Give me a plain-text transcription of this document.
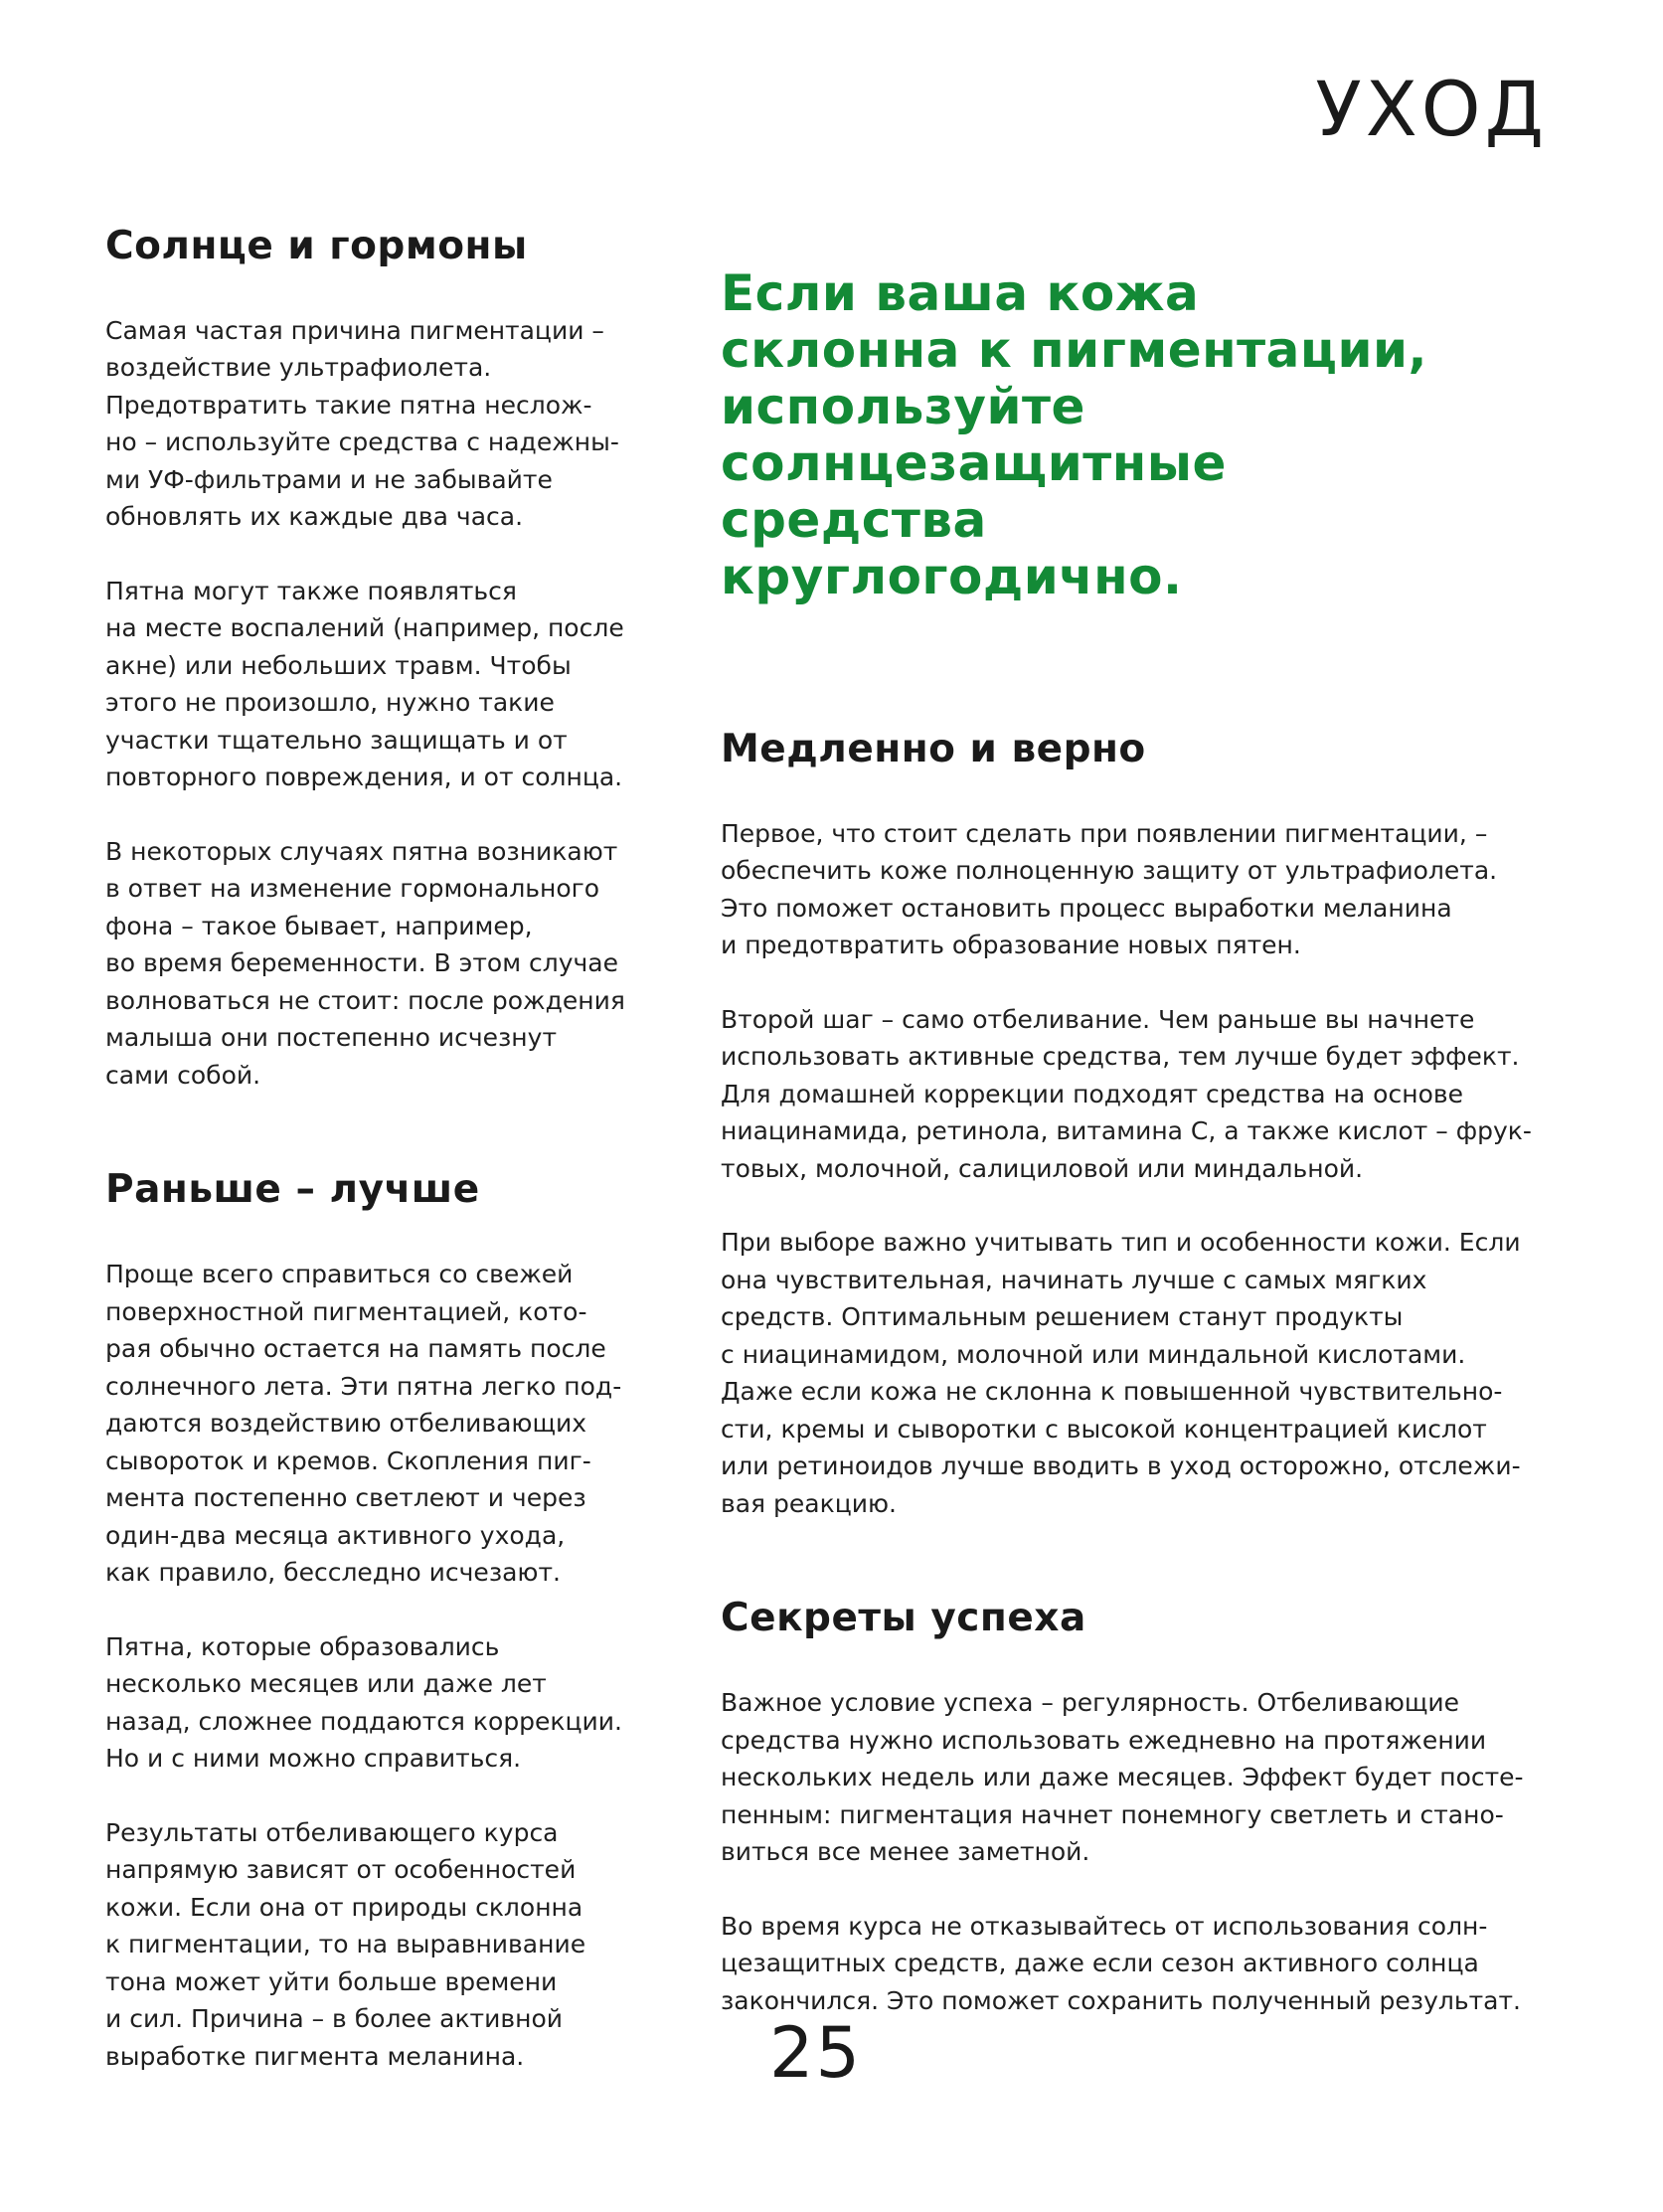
УХОД
Солнце и гормоны

Самая частая причина пигментации –
воздействие ультрафиолета.
Предотвратить такие пятна неслож-
но – используйте средства с надежны-
ми УФ-фильтрами и не забывайте
обновлять их каждые два часа.

Пятна могут также появляться
на месте воспалений (например, после
акне) или небольших травм. Чтобы
этого не произошло, нужно такие
участки тщательно защищать и от
повторного повреждения, и от солнца.

В некоторых случаях пятна возникают
в ответ на изменение гормонального
фона – такое бывает, например,
во время беременности. В этом случае
волноваться не стоит: после рождения
малыша они постепенно исчезнут
сами собой.

Раньше – лучше

Проще всего справиться со свежей
поверхностной пигментацией, кото-
рая обычно остается на память после
солнечного лета. Эти пятна легко под-
даются воздействию отбеливающих
сывороток и кремов. Скопления пиг-
мента постепенно светлеют и через
один-два месяца активного ухода,
как правило, бесследно исчезают.

Пятна, которые образовались
несколько месяцев или даже лет
назад, сложнее поддаются коррекции.
Но и с ними можно справиться.

Результаты отбеливающего курса
напрямую зависят от особенностей
кожи. Если она от природы склонна
к пигментации, то на выравнивание
тона может уйти больше времени
и сил. Причина – в более активной
выработке пигмента меланина.

Если ваша кожа
склонна к пигментации,
используйте
солнцезащитные
средства
круглогодично.
Медленно и верно

Первое, что стоит сделать при появлении пигментации, –
обеспечить коже полноценную защиту от ультрафиолета.
Это поможет остановить процесс выработки меланина
и предотвратить образование новых пятен.

Второй шаг – само отбеливание. Чем раньше вы начнете
использовать активные средства, тем лучше будет эффект.
Для домашней коррекции подходят средства на основе
ниацинамида, ретинола, витамина С, а также кислот – фрук-
товых, молочной, салициловой или миндальной.

При выборе важно учитывать тип и особенности кожи. Если
она чувствительная, начинать лучше с самых мягких
средств. Оптимальным решением станут продукты
с ниацинамидом, молочной или миндальной кислотами.
Даже если кожа не склонна к повышенной чувствительно-
сти, кремы и сыворотки с высокой концентрацией кислот
или ретиноидов лучше вводить в уход осторожно, отслежи-
вая реакцию.

Секреты успеха

Важное условие успеха – регулярность. Отбеливающие
средства нужно использовать ежедневно на протяжении
нескольких недель или даже месяцев. Эффект будет посте-
пенным: пигментация начнет понемногу светлеть и стано-
виться все менее заметной.

Во время курса не отказывайтесь от использования солн-
цезащитных средств, даже если сезон активного солнца
закончился. Это поможет сохранить полученный результат.

25
